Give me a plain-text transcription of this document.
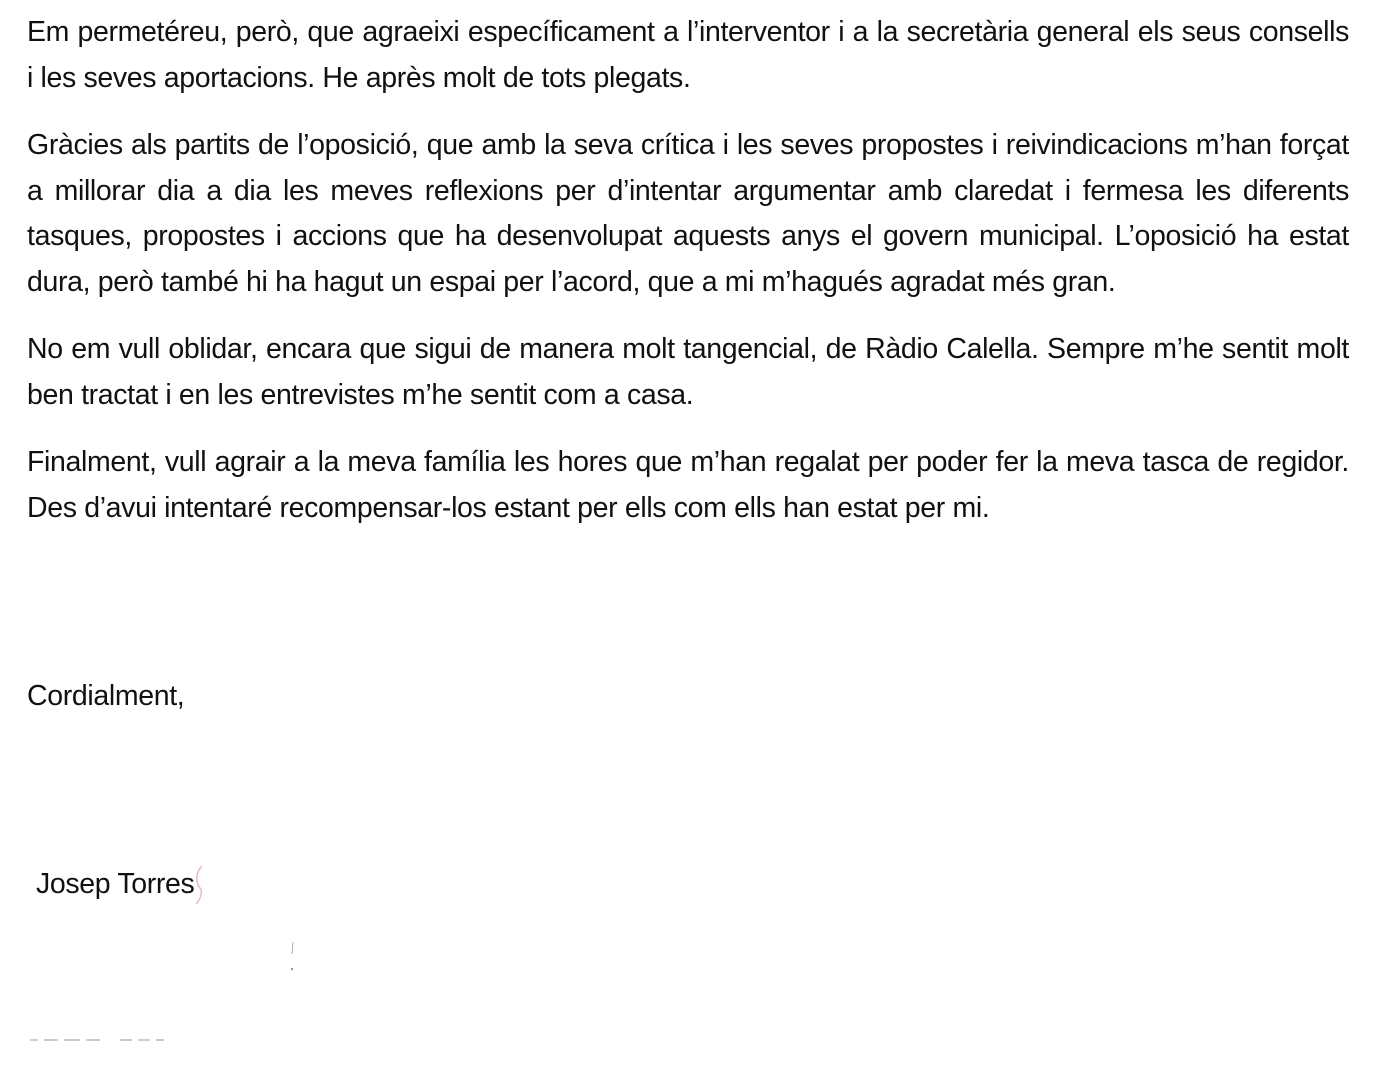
Em permetéreu, però, que agraeixi específicament a l’interventor i a la secretària general els seus consells i les seves aportacions. He après molt de tots plegats.

Gràcies als partits de l’oposició, que amb la seva crítica i les seves propostes i reivindicacions m’han forçat a millorar dia a dia les meves reflexions per d’intentar argumentar amb claredat i fermesa les diferents tasques, propostes i accions que ha desenvolupat aquests anys el govern municipal. L’oposició ha estat dura, però també hi ha hagut un espai per l’acord, que a mi m’hagués agradat més gran.

No em vull oblidar, encara que sigui de manera molt tangencial, de Ràdio Calella. Sempre m’he sentit molt ben tractat i en les entrevistes m’he sentit com a casa.

Finalment, vull agrair a la meva família les hores que m’han regalat per poder fer la meva tasca de regidor. Des d’avui intentaré recompensar-los estant per ells com ells han estat per mi.

Cordialment,

Josep Torres
